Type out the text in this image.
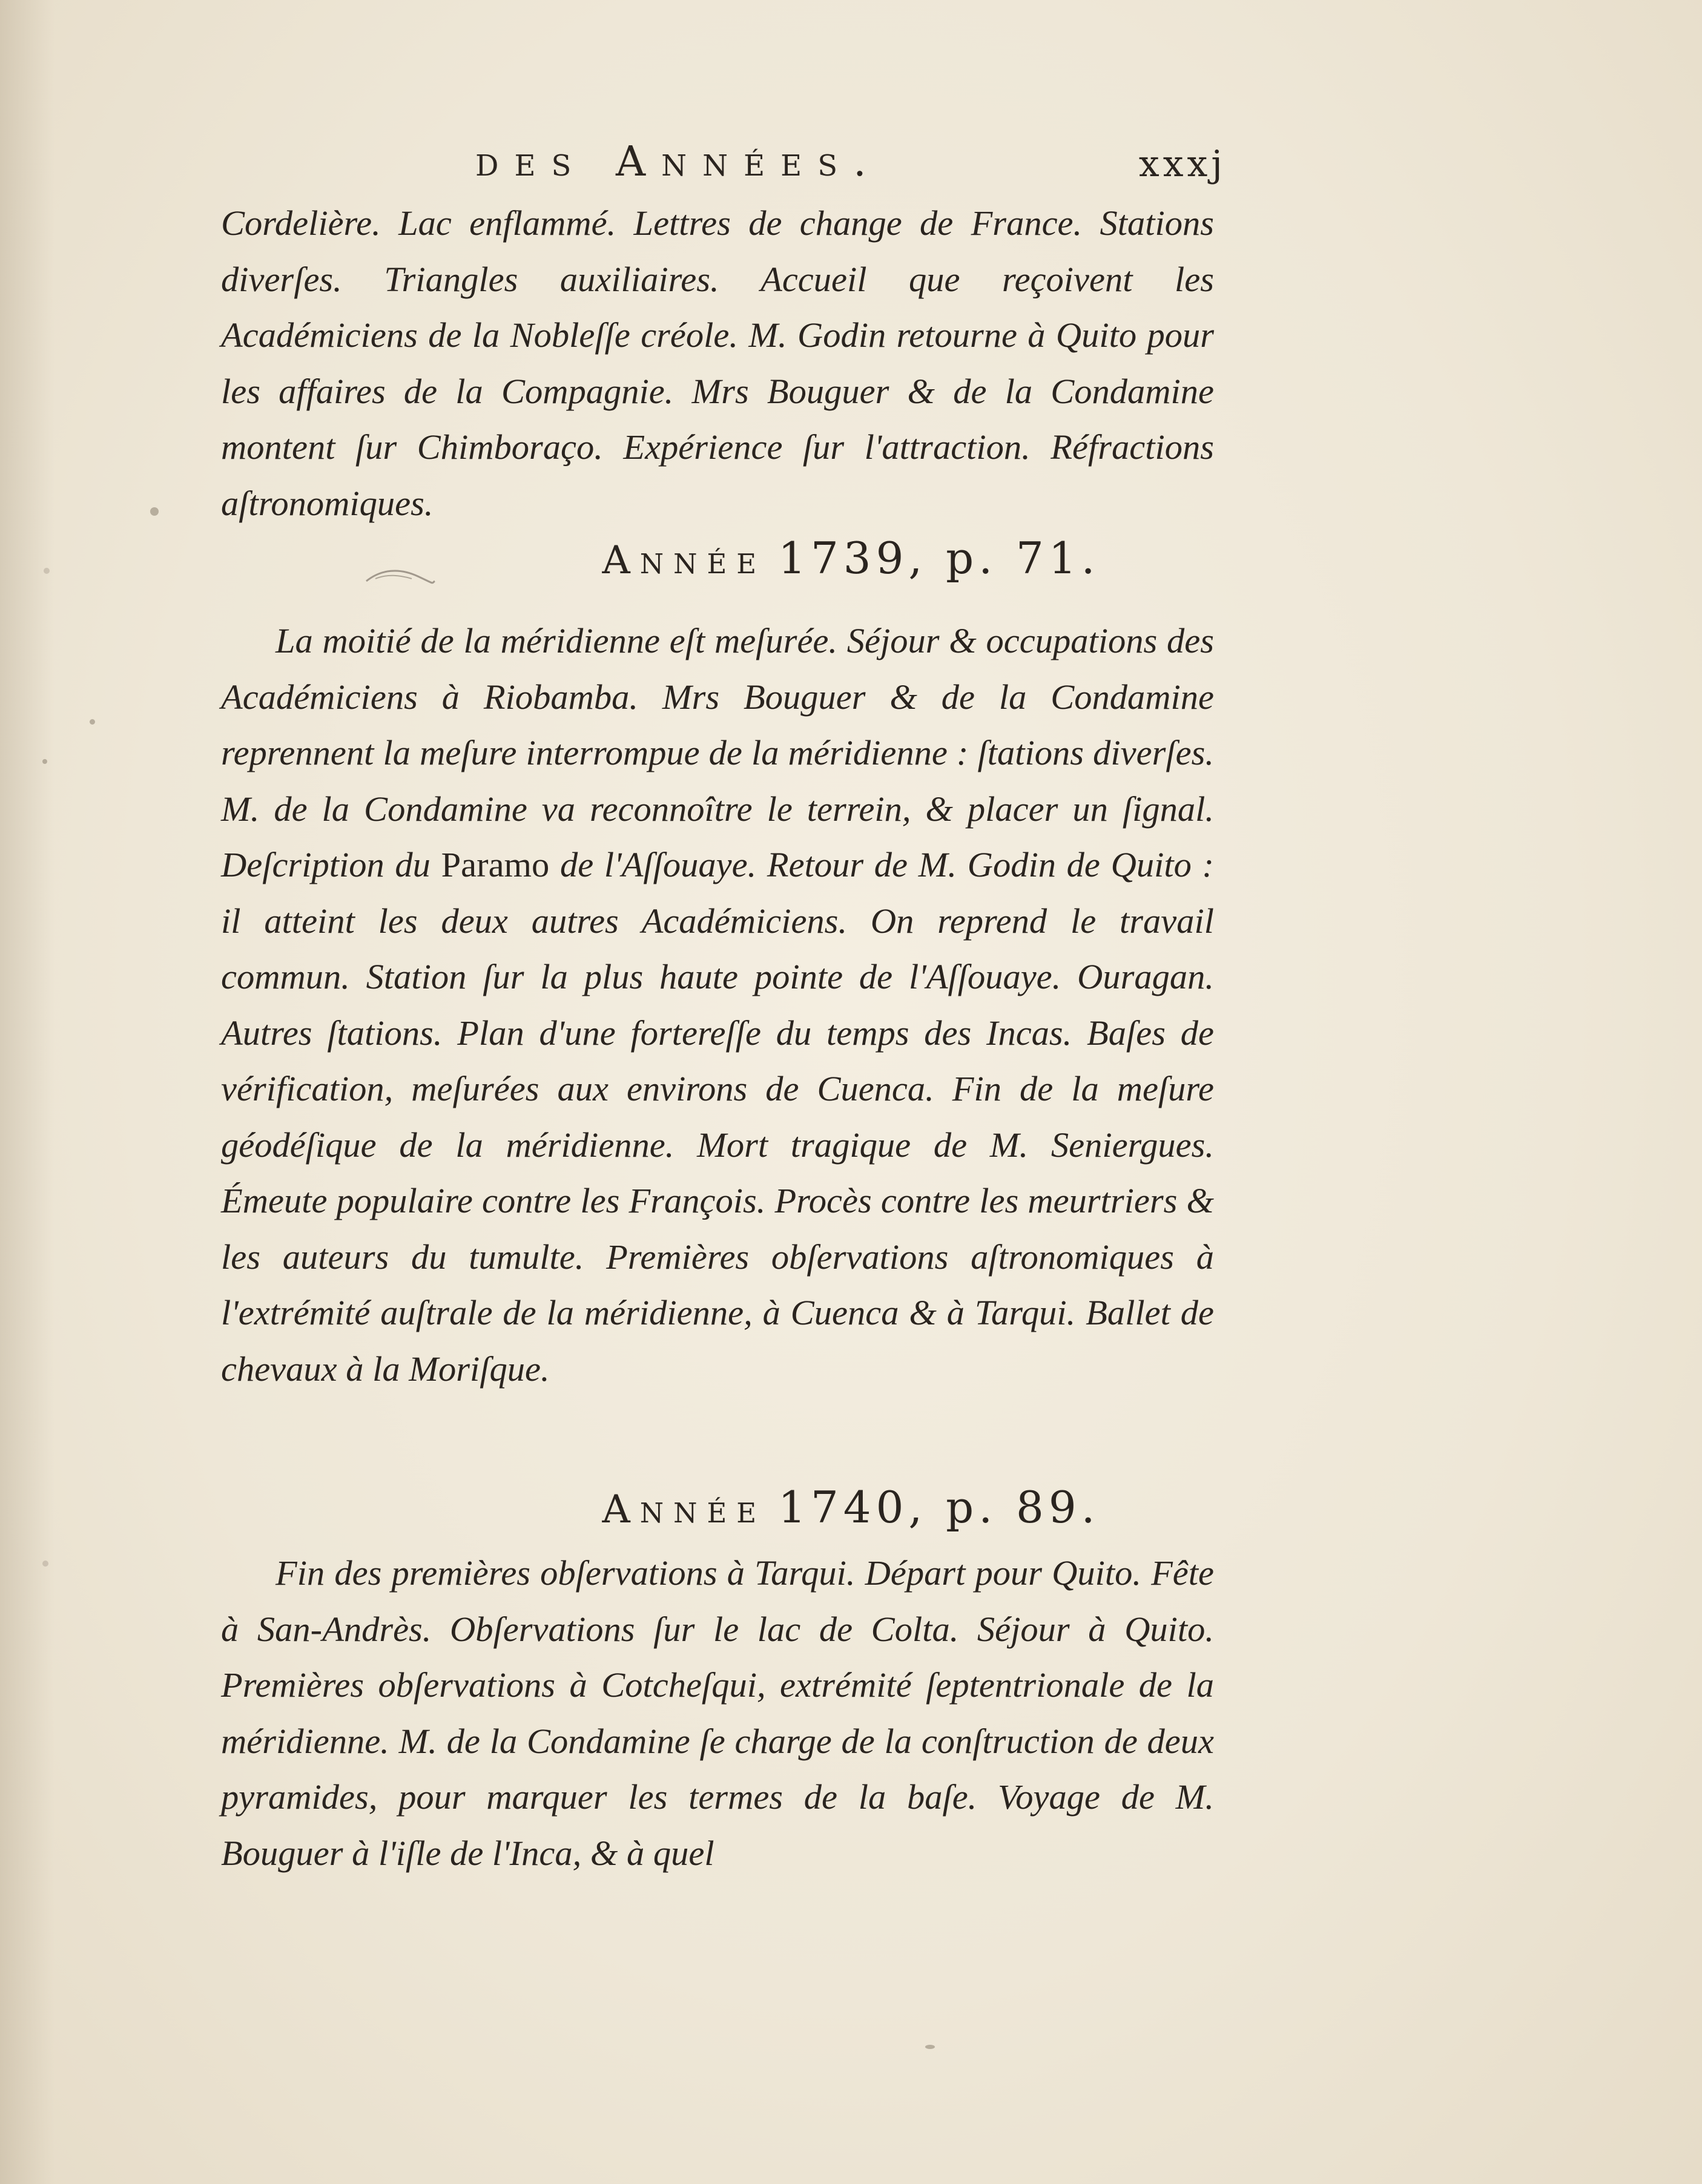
des Années.	xxxj

Cordelière. Lac enflammé. Lettres de change de France. Stations diverſes. Triangles auxiliaires. Accueil que reçoivent les Académiciens de la Nobleſſe créole. M. Godin retourne à Quito pour les affaires de la Compagnie. Mrs Bouguer & de la Condamine montent ſur Chimboraço. Expérience ſur l'attraction. Réfractions aſtronomiques.

Année 1739, p. 71.

La moitié de la méridienne eſt meſurée. Séjour & occupations des Académiciens à Riobamba. Mrs Bouguer & de la Condamine reprennent la meſure interrompue de la méridienne : ſtations diverſes. M. de la Condamine va reconnoître le terrein, & placer un ſignal. Deſcription du Paramo de l'Aſſouaye. Retour de M. Godin de Quito : il atteint les deux autres Académiciens. On reprend le travail commun. Station ſur la plus haute pointe de l'Aſſouaye. Ouragan. Autres ſtations. Plan d'une fortereſſe du temps des Incas. Baſes de vérification, meſurées aux environs de Cuenca. Fin de la meſure géodéſique de la méridienne. Mort tragique de M. Seniergues. Émeute populaire contre les François. Procès contre les meurtriers & les auteurs du tumulte. Premières obſervations aſtronomiques à l'extrémité auſtrale de la méridienne, à Cuenca & à Tarqui. Ballet de chevaux à la Moriſque.

Année 1740, p. 89.

Fin des premières obſervations à Tarqui. Départ pour Quito. Fête à San-Andrès. Obſervations ſur le lac de Colta. Séjour à Quito. Premières obſervations à Cotcheſqui, extrémité ſeptentrionale de la méridienne. M. de la Condamine ſe charge de la conſtruction de deux pyramides, pour marquer les termes de la baſe. Voyage de M. Bouguer à l'iſle de l'Inca, & à quel
